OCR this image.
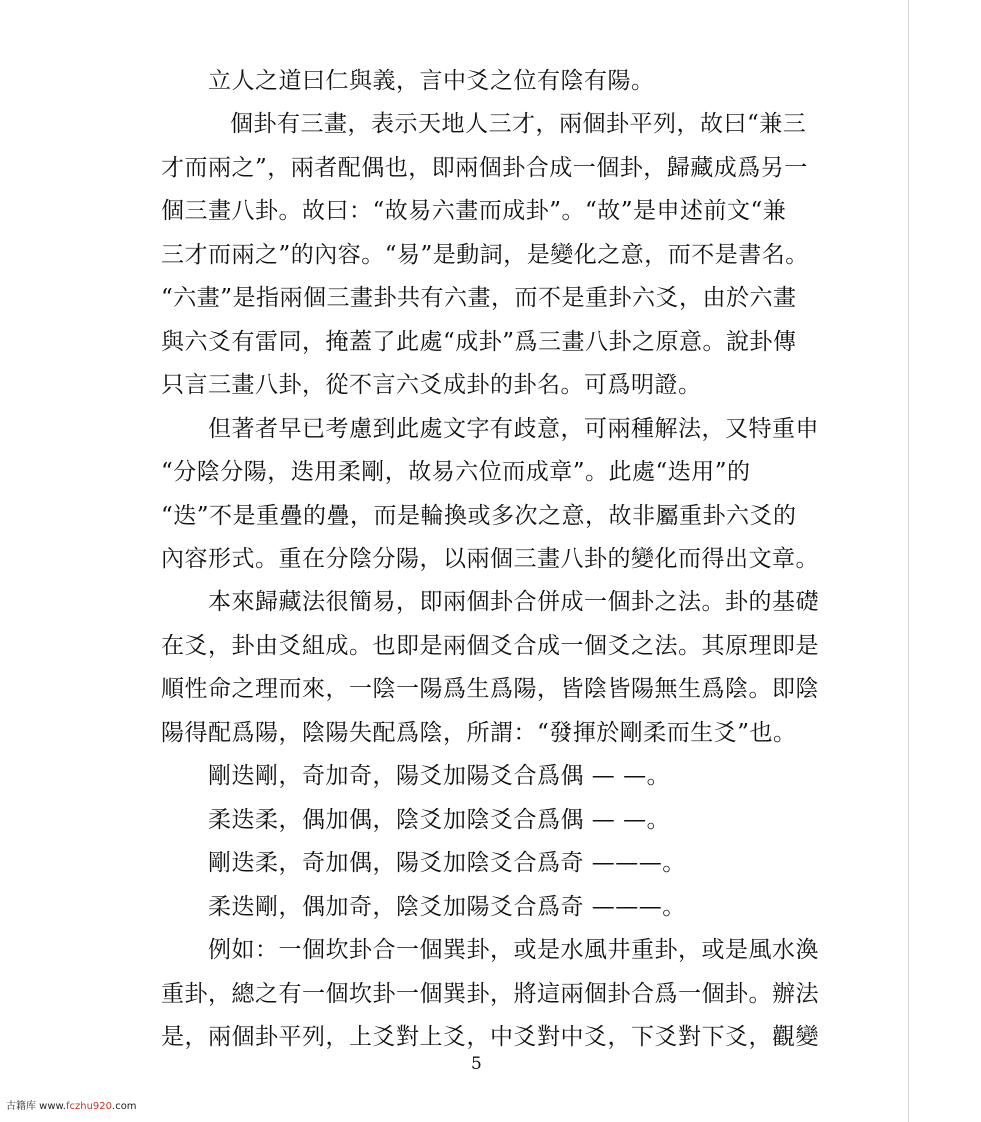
立人之道曰仁與義，言中爻之位有陰有陽。
個卦有三畫，表示天地人三才，兩個卦平列，故曰“兼三
才而兩之”，兩者配偶也，即兩個卦合成一個卦，歸藏成爲另一
個三畫八卦。故曰：“故易六畫而成卦”。“故”是申述前文“兼
三才而兩之”的內容。“易”是動詞，是變化之意，而不是書名。
“六畫”是指兩個三畫卦共有六畫，而不是重卦六爻，由於六畫
與六爻有雷同，掩蓋了此處“成卦”爲三畫八卦之原意。說卦傳
只言三畫八卦，從不言六爻成卦的卦名。可爲明證。
但著者早已考慮到此處文字有歧意，可兩種解法，又特重申
“分陰分陽，迭用柔剛，故易六位而成章”。此處“迭用”的
“迭”不是重疊的疊，而是輪換或多次之意，故非屬重卦六爻的
內容形式。重在分陰分陽，以兩個三畫八卦的變化而得出文章。
本來歸藏法很簡易，即兩個卦合併成一個卦之法。卦的基礎
在爻，卦由爻組成。也即是兩個爻合成一個爻之法。其原理即是
順性命之理而來，一陰一陽爲生爲陽，皆陰皆陽無生爲陰。即陰
陽得配爲陽，陰陽失配爲陰，所謂：“發揮於剛柔而生爻”也。
剛迭剛，奇加奇，陽爻加陽爻合爲偶 — —。
柔迭柔，偶加偶，陰爻加陰爻合爲偶 — —。
剛迭柔，奇加偶，陽爻加陰爻合爲奇 ———。
柔迭剛，偶加奇，陰爻加陽爻合爲奇 ———。
例如：一個坎卦合一個巽卦，或是水風井重卦，或是風水渙
重卦，總之有一個坎卦一個巽卦，將這兩個卦合爲一個卦。辦法
是，兩個卦平列，上爻對上爻，中爻對中爻，下爻對下爻，觀變
5
古籍库 www.fczhu920.com
